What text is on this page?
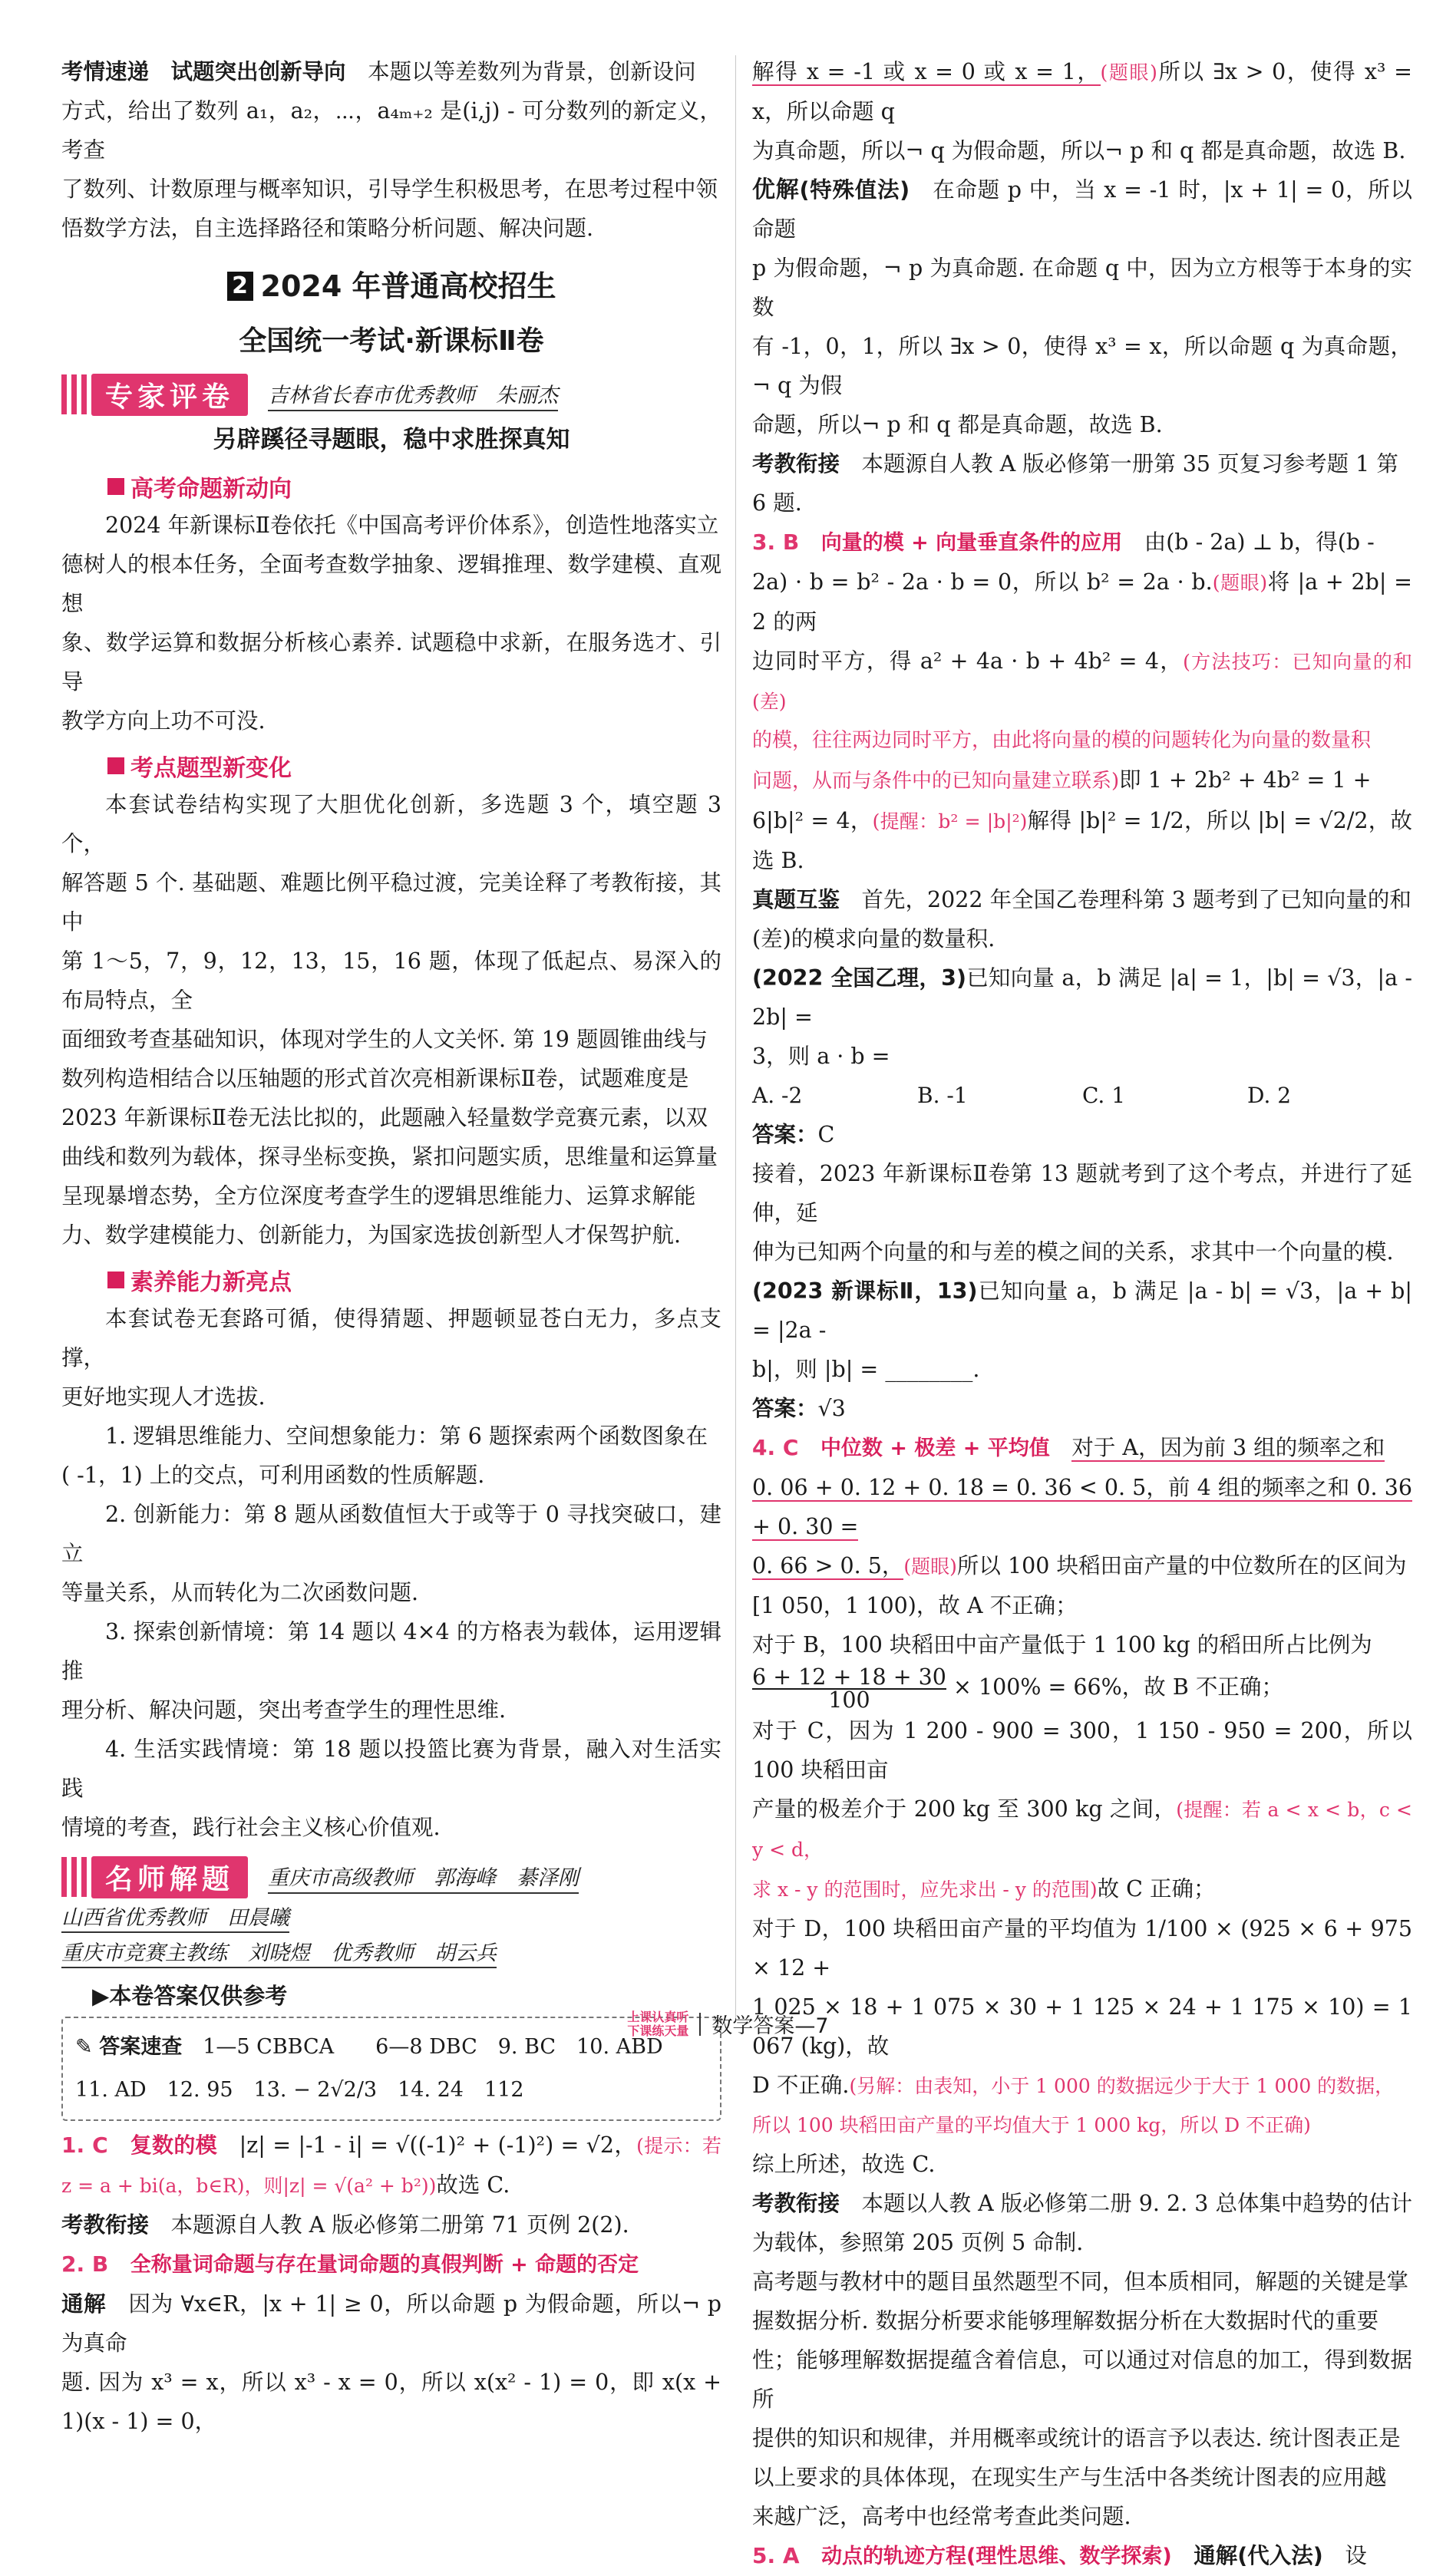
考情速递　 试题突出创新导向　 本题以等差数列为背景，创新设问

方式，给出了数列 a₁，a₂，⋯，a₄ₘ₊₂ 是(i,j) - 可分数列的新定义，考查

了数列、计数原理与概率知识，引导学生积极思考，在思考过程中领

悟数学方法，自主选择路径和策略分析问题、解决问题.

2 2024 年普通高校招生
全国统一考试·新课标Ⅱ卷
专家评卷	吉林省长春市优秀教师　朱丽杰
另辟蹊径寻题眼，稳中求胜探真知
高考命题新动向

2024 年新课标Ⅱ卷依托《中国高考评价体系》，创造性地落实立

德树人的根本任务，全面考查数学抽象、逻辑推理、数学建模、直观想

象、数学运算和数据分析核心素养. 试题稳中求新，在服务选才、引导

教学方向上功不可没.

考点题型新变化

本套试卷结构实现了大胆优化创新，多选题 3 个，填空题 3 个，

解答题 5 个. 基础题、难题比例平稳过渡，完美诠释了考教衔接，其中

第 1～5，7，9，12，13，15，16 题，体现了低起点、易深入的布局特点，全

面细致考查基础知识，体现对学生的人文关怀. 第 19 题圆锥曲线与

数列构造相结合以压轴题的形式首次亮相新课标Ⅱ卷，试题难度是

2023 年新课标Ⅱ卷无法比拟的，此题融入轻量数学竞赛元素，以双

曲线和数列为载体，探寻坐标变换，紧扣问题实质，思维量和运算量

呈现暴增态势，全方位深度考查学生的逻辑思维能力、运算求解能

力、数学建模能力、创新能力，为国家选拔创新型人才保驾护航.

素养能力新亮点

本套试卷无套路可循，使得猜题、押题顿显苍白无力，多点支撑，

更好地实现人才选拔.

1. 逻辑思维能力、空间想象能力：第 6 题探索两个函数图象在

( -1，1) 上的交点，可利用函数的性质解题.

2. 创新能力：第 8 题从函数值恒大于或等于 0 寻找突破口，建立

等量关系，从而转化为二次函数问题.

3. 探索创新情境：第 14 题以 4×4 的方格表为载体，运用逻辑推

理分析、解决问题，突出考查学生的理性思维.

4. 生活实践情境：第 18 题以投篮比赛为背景，融入对生活实践

情境的考查，践行社会主义核心价值观.

名师解题	重庆市高级教师　郭海峰　綦泽刚
山西省优秀教师　田晨曦
重庆市竞赛主教练　刘晓煜　优秀教师　胡云兵
▶本卷答案仅供参考
✎ 答案速查　 1—5 CBBCA　　6—8 DBC　9. BC　10. ABD
11. AD　12. 95　13. − 2√2/3　14. 24　112

1. C　 复数的模　 |z| = |-1 - i| = √((-1)² + (-1)²) = √2，(提示：若 z = a + bi(a，b∈R)，则|z| = √(a² + b²))故选 C.

考教衔接　 本题源自人教 A 版必修第二册第 71 页例 2(2).

2. B　 全称量词命题与存在量词命题的真假判断 + 命题的否定

通解　 因为 ∀x∈R，|x + 1| ≥ 0，所以命题 p 为假命题，所以¬ p 为真命

题. 因为 x³ = x，所以 x³ - x = 0，所以 x(x² - 1) = 0，即 x(x + 1)(x - 1) = 0，

解得 x = -1 或 x = 0 或 x = 1，(题眼)所以 ∃x > 0，使得 x³ = x，所以命题 q

为真命题，所以¬ q 为假命题，所以¬ p 和 q 都是真命题，故选 B.

优解(特殊值法)　 在命题 p 中，当 x = -1 时，|x + 1| = 0，所以命题

p 为假命题，¬ p 为真命题. 在命题 q 中，因为立方根等于本身的实数

有 -1，0，1，所以 ∃x > 0，使得 x³ = x，所以命题 q 为真命题，¬ q 为假

命题，所以¬ p 和 q 都是真命题，故选 B.

考教衔接　 本题源自人教 A 版必修第一册第 35 页复习参考题 1 第

6 题.

3. B　 向量的模 + 向量垂直条件的应用　 由(b - 2a) ⊥ b，得(b -

2a) · b = b² - 2a · b = 0，所以 b² = 2a · b.(题眼)将 |a + 2b| = 2 的两

边同时平方，得 a² + 4a · b + 4b² = 4，(方法技巧：已知向量的和(差)

的模，往往两边同时平方，由此将向量的模的问题转化为向量的数量积

问题，从而与条件中的已知向量建立联系)即 1 + 2b² + 4b² = 1 +

6|b|² = 4，(提醒：b² = |b|²)解得 |b|² = 1/2，所以 |b| = √2/2，故选 B.

真题互鉴　 首先，2022 年全国乙卷理科第 3 题考到了已知向量的和

(差)的模求向量的数量积.

(2022 全国乙理，3)已知向量 a，b 满足 |a| = 1，|b| = √3，|a - 2b| =

3，则 a · b =

A. -2	B. -1	C. 1	D. 2

答案：C

接着，2023 年新课标Ⅱ卷第 13 题就考到了这个考点，并进行了延伸，延

伸为已知两个向量的和与差的模之间的关系，求其中一个向量的模.

(2023 新课标Ⅱ，13)已知向量 a，b 满足 |a - b| = √3，|a + b| = |2a -

b|，则 |b| = ________.

答案：√3

4. C　 中位数 + 极差 + 平均值　 对于 A，因为前 3 组的频率之和

0. 06 + 0. 12 + 0. 18 = 0. 36 < 0. 5，前 4 组的频率之和 0. 36 + 0. 30 =

0. 66 > 0. 5，(题眼)所以 100 块稻田亩产量的中位数所在的区间为

[1 050，1 100)，故 A 不正确；

对于 B，100 块稻田中亩产量低于 1 100 kg 的稻田所占比例为

$\frac{6 + 12 + 18 + 30}{100} \times 100\% = 66\%$，故 B 不正确；

对于 C，因为 1 200 - 900 = 300，1 150 - 950 = 200，所以 100 块稻田亩

产量的极差介于 200 kg 至 300 kg 之间，(提醒：若 a < x < b，c < y < d，

求 x - y 的范围时，应先求出 - y 的范围)故 C 正确；

对于 D，100 块稻田亩产量的平均值为 1/100 × (925 × 6 + 975 × 12 +

1 025 × 18 + 1 075 × 30 + 1 125 × 24 + 1 175 × 10) = 1 067 (kg)，故

D 不正确.(另解：由表知，小于 1 000 的数据远少于大于 1 000 的数据，

所以 100 块稻田亩产量的平均值大于 1 000 kg，所以 D 不正确)

综上所述，故选 C.

考教衔接　 本题以人教 A 版必修第二册 9. 2. 3 总体集中趋势的估计

为载体，参照第 205 页例 5 命制.

高考题与教材中的题目虽然题型不同，但本质相同，解题的关键是掌

握数据分析. 数据分析要求能够理解数据分析在大数据时代的重要

性；能够理解数据提蕴含着信息，可以通过对信息的加工，得到数据所

提供的知识和规律，并用概率或统计的语言予以表达. 统计图表正是

以上要求的具体体现，在现实生产与生活中各类统计图表的应用越

来越广泛，高考中也经常考查此类问题.

5. A　 动点的轨迹方程(理性思维、数学探索)　 通解(代入法)　 设

上课认真听
下课练天量 数学答案—7
